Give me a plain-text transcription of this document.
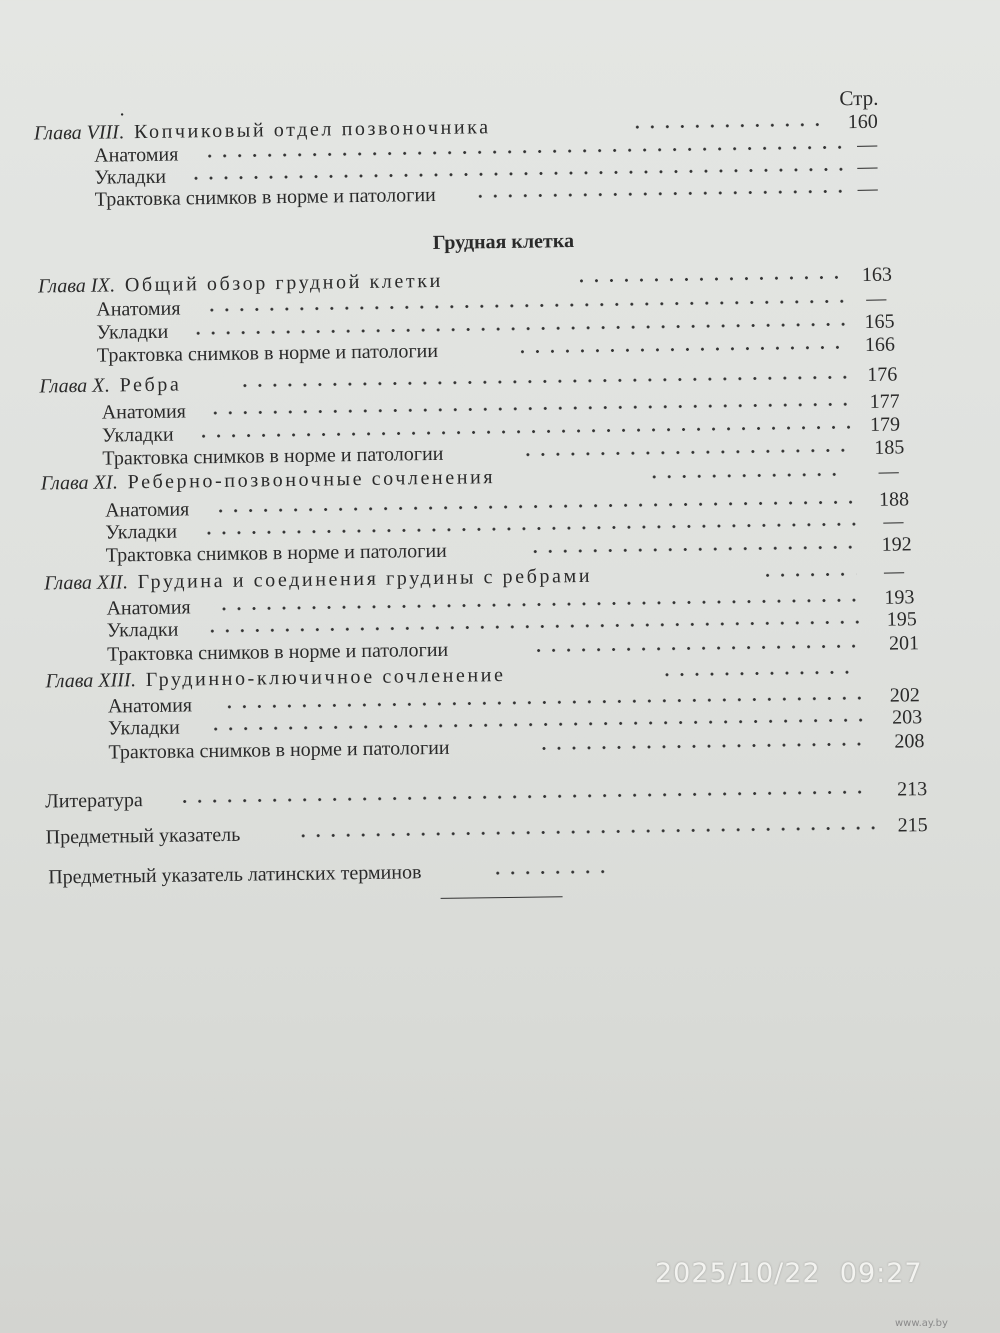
.	Стр.
Глава VIII. Копчиковый отдел позвоночника	160
Анатомия	—
Укладки	—
Трактовка снимков в норме и патологии	—
Грудная клетка
Глава IX. Общий обзор грудной клетки	163
Анатомия	—
Укладки	165
Трактовка снимков в норме и патологии	166
Глава X. Ребра	176
Анатомия	177
Укладки	179
Трактовка снимков в норме и патологии	185
Глава XI. Реберно-позвоночные сочленения	—
Анатомия	188
Укладки	—
Трактовка снимков в норме и патологии	192
Глава XII. Грудина и соединения грудины с ребрами	—
Анатомия	193
Укладки	195
Трактовка снимков в норме и патологии	201
Глава XIII. Грудинно-ключичное сочленение
Анатомия	202
Укладки	203
Трактовка снимков в норме и патологии	208
Литература	213
Предметный указатель	215
Предметный указатель латинских терминов
2025/10/22  09:27
www.ay.by
